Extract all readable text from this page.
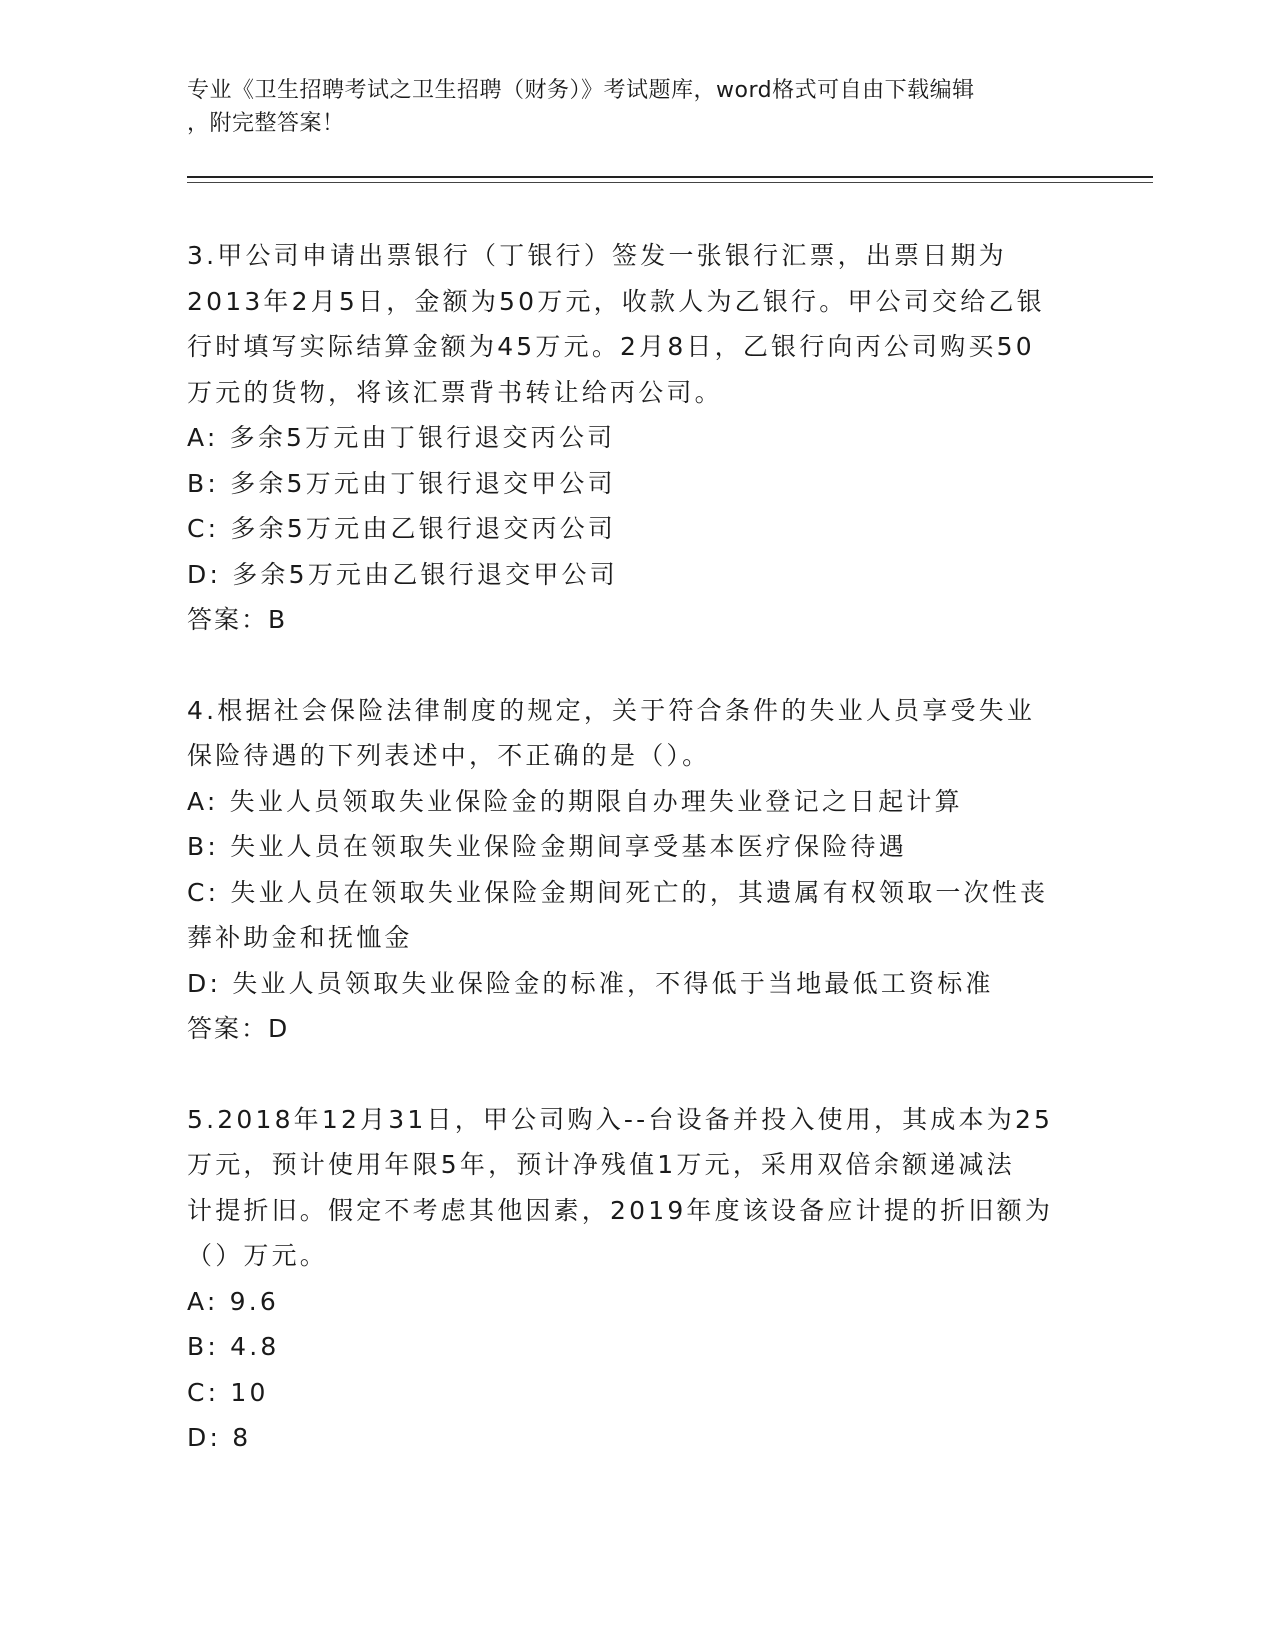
专业《卫生招聘考试之卫生招聘（财务）》考试题库，word格式可自由下载编辑
，附完整答案！
3.甲公司申请出票银行（丁银行）签发一张银行汇票，出票日期为
2013年2月5日，金额为50万元，收款人为乙银行。甲公司交给乙银
行时填写实际结算金额为45万元。2月8日，乙银行向丙公司购买50
万元的货物，将该汇票背书转让给丙公司。
A: 多余5万元由丁银行退交丙公司
B: 多余5万元由丁银行退交甲公司
C: 多余5万元由乙银行退交丙公司
D: 多余5万元由乙银行退交甲公司
答案：B
4.根据社会保险法律制度的规定，关于符合条件的失业人员享受失业
保险待遇的下列表述中，不正确的是（）。
A: 失业人员领取失业保险金的期限自办理失业登记之日起计算
B: 失业人员在领取失业保险金期间享受基本医疗保险待遇
C: 失业人员在领取失业保险金期间死亡的，其遗属有权领取一次性丧
葬补助金和抚恤金
D: 失业人员领取失业保险金的标准，不得低于当地最低工资标准
答案：D
5.2018年12月31日，甲公司购入--台设备并投入使用，其成本为25
万元，预计使用年限5年，预计净残值1万元，采用双倍余额递减法
计提折旧。假定不考虑其他因素，2019年度该设备应计提的折旧额为
（）万元。
A: 9.6
B: 4.8
C: 10
D: 8
